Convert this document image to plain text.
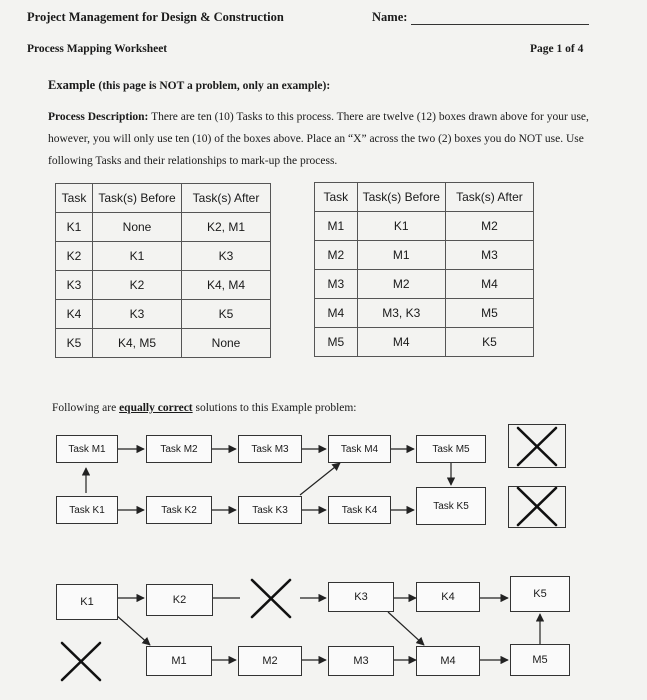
Project Management for Design & Construction	Name:
Process Mapping Worksheet	Page 1 of 4
Example (this page is NOT a problem, only an example):
Process Description: There are ten (10) Tasks to this process. There are twelve (12) boxes drawn above for your use, however, you will only use ten (10) of the boxes above. Place an “X” across the two (2) boxes you do NOT use. Use following Tasks and their relationships to mark-up the process.
Task	Task(s) Before	Task(s) After
K1	None	K2, M1
K2	K1	K3
K3	K2	K4, M4
K4	K3	K5
K5	K4, M5	None
Task	Task(s) Before	Task(s) After
M1	K1	M2
M2	M1	M3
M3	M2	M4
M4	M3, K3	M5
M5	M4	K5
Following are equally correct solutions to this Example problem:
Task M1	Task M2	Task M3	Task M4	Task M5
Task K1	Task K2	Task K3	Task K4	Task K5
K1	K2	K3	K4	K5
M1	M2	M3	M4	M5
